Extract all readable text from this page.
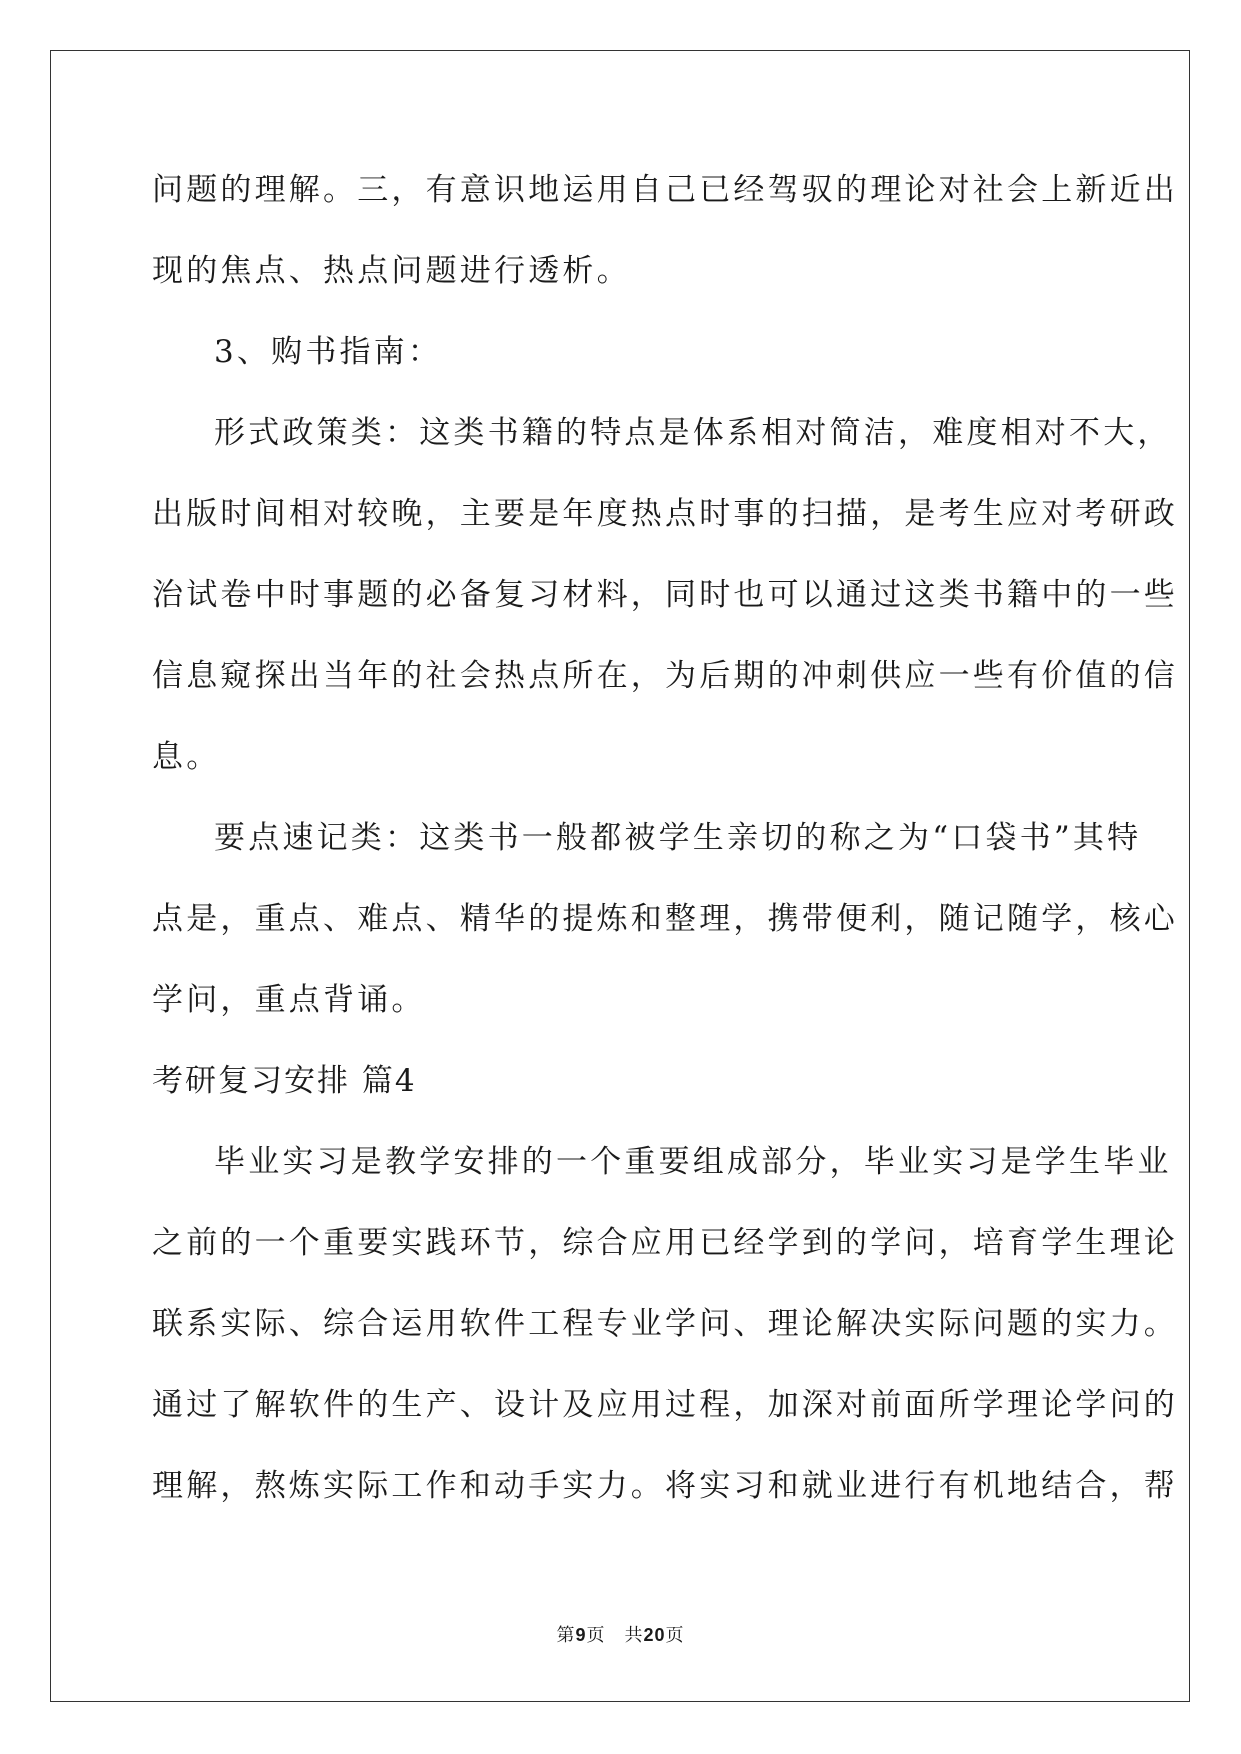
问题的理解。三，有意识地运用自己已经驾驭的理论对社会上新近出
现的焦点、热点问题进行透析。
3、购书指南：
形式政策类：这类书籍的特点是体系相对简洁，难度相对不大，
出版时间相对较晚，主要是年度热点时事的扫描，是考生应对考研政
治试卷中时事题的必备复习材料，同时也可以通过这类书籍中的一些
信息窥探出当年的社会热点所在，为后期的冲刺供应一些有价值的信
息。
要点速记类：这类书一般都被学生亲切的称之为“口袋书”其特
点是，重点、难点、精华的提炼和整理，携带便利，随记随学，核心
学问，重点背诵。
考研复习安排 篇4
毕业实习是教学安排的一个重要组成部分，毕业实习是学生毕业
之前的一个重要实践环节，综合应用已经学到的学问，培育学生理论
联系实际、综合运用软件工程专业学问、理论解决实际问题的实力。
通过了解软件的生产、设计及应用过程，加深对前面所学理论学问的
理解，熬炼实际工作和动手实力。将实习和就业进行有机地结合，帮
第9页　共20页
